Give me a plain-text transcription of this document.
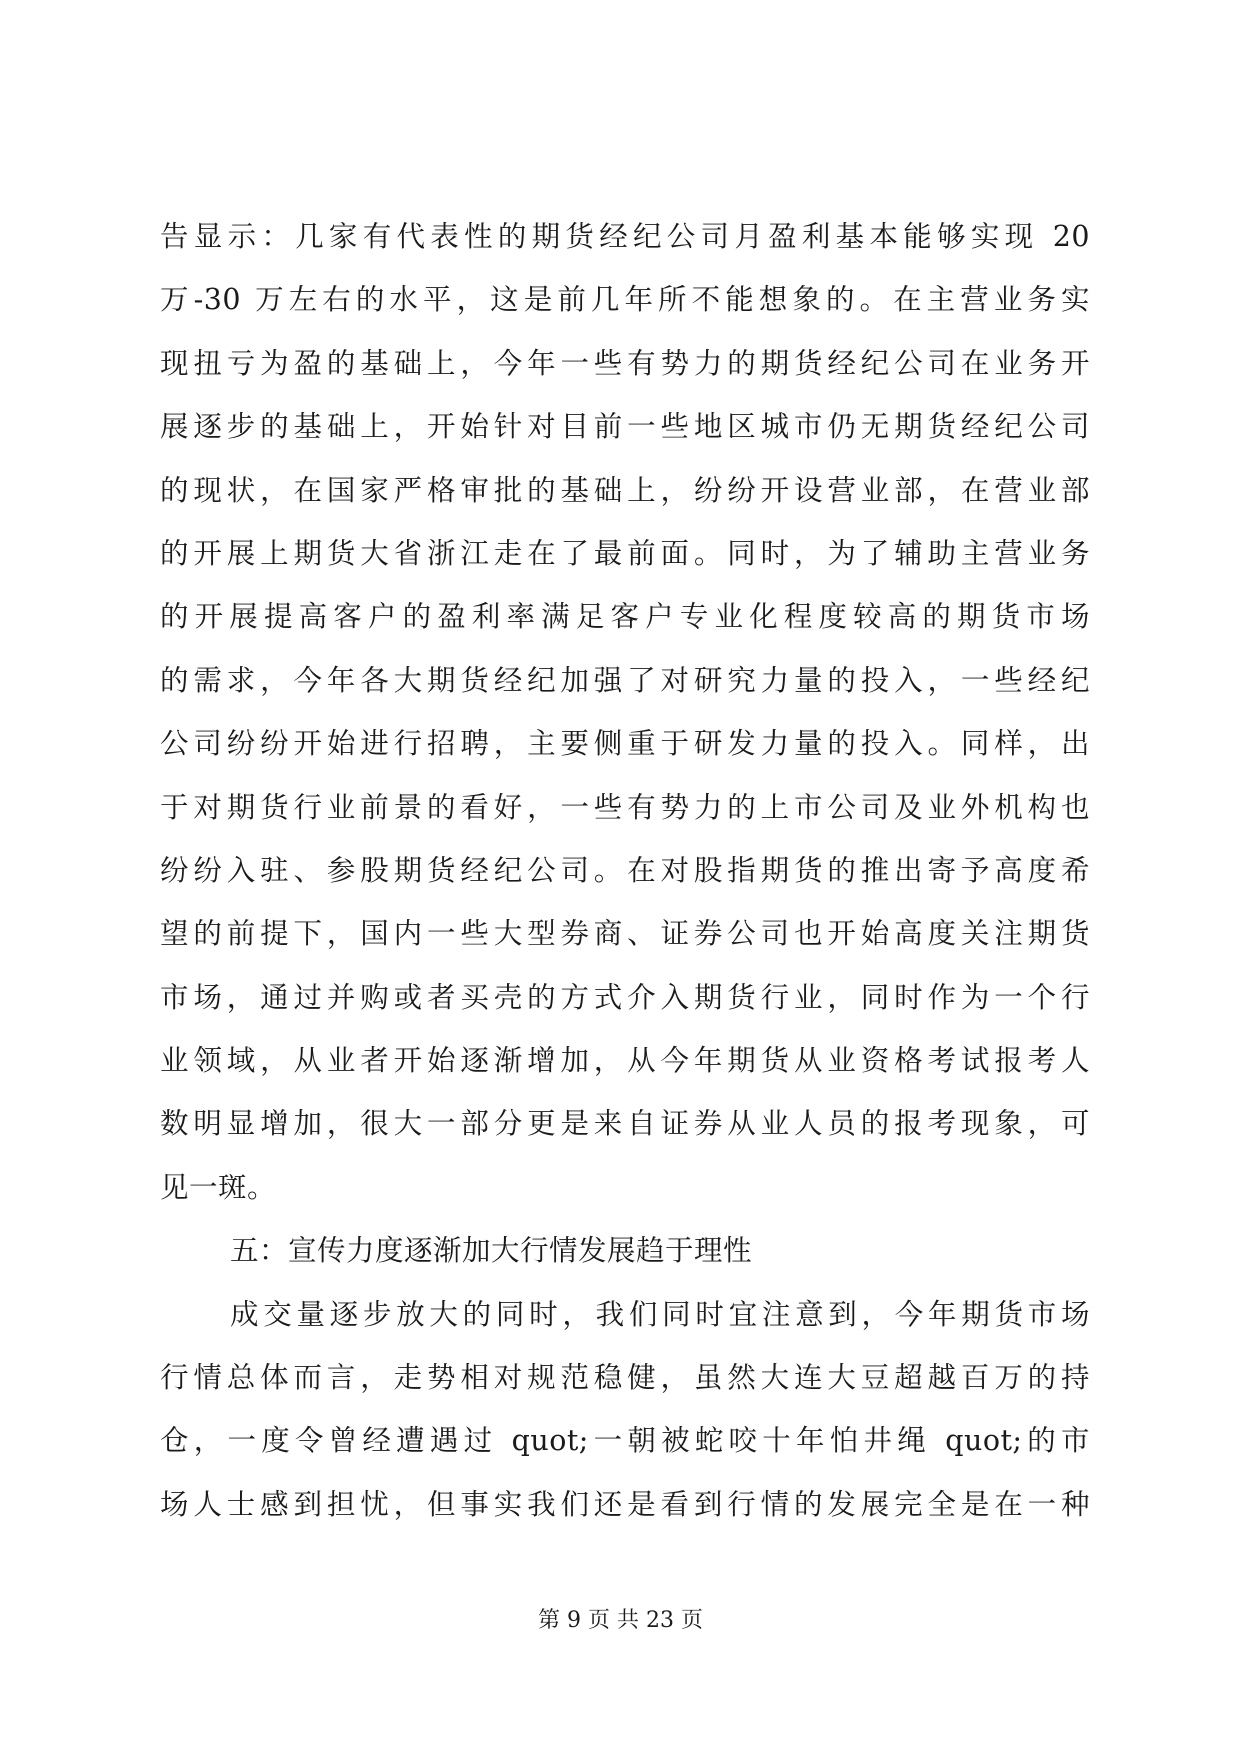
告显示：几家有代表性的期货经纪公司月盈利基本能够实现 20
万-30 万左右的水平，这是前几年所不能想象的。在主营业务实
现扭亏为盈的基础上，今年一些有势力的期货经纪公司在业务开
展逐步的基础上，开始针对目前一些地区城市仍无期货经纪公司
的现状，在国家严格审批的基础上，纷纷开设营业部，在营业部
的开展上期货大省浙江走在了最前面。同时，为了辅助主营业务
的开展提高客户的盈利率满足客户专业化程度较高的期货市场
的需求，今年各大期货经纪加强了对研究力量的投入，一些经纪
公司纷纷开始进行招聘，主要侧重于研发力量的投入。同样，出
于对期货行业前景的看好，一些有势力的上市公司及业外机构也
纷纷入驻、参股期货经纪公司。在对股指期货的推出寄予高度希
望的前提下，国内一些大型券商、证券公司也开始高度关注期货
市场，通过并购或者买壳的方式介入期货行业，同时作为一个行
业领域，从业者开始逐渐增加，从今年期货从业资格考试报考人
数明显增加，很大一部分更是来自证券从业人员的报考现象，可
见一斑。
五：宣传力度逐渐加大行情发展趋于理性
成交量逐步放大的同时，我们同时宜注意到，今年期货市场
行情总体而言，走势相对规范稳健，虽然大连大豆超越百万的持
仓，一度令曾经遭遇过 quot;一朝被蛇咬十年怕井绳 quot;的市
场人士感到担忧，但事实我们还是看到行情的发展完全是在一种
第 9 页 共 23 页
